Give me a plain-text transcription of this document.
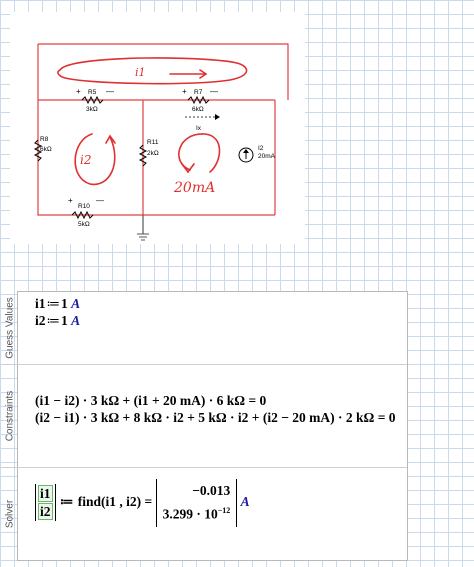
R5
3kΩ
R7
6kΩ
R8
6kΩ
R11
2kΩ
R10
5kΩ
I2
20mA
Ix
+	—	+	—
+	—
i1
i2
20mA
Guess Values i1≔1 A
i2≔1 A
Constraints (i1 − i2) · 3 kΩ + (i1 + 20 mA) · 6 kΩ = 0
(i2 − i1) · 3 kΩ + 8 kΩ · i2 + 5 kΩ · i2 + (i2 − 20 mA) · 2 kΩ = 0
Solver $\frac{i1}{i2}$ ≔ find(i1 , i2) =
−0.013
$3.299 \cdot 10^{-12}$
A
